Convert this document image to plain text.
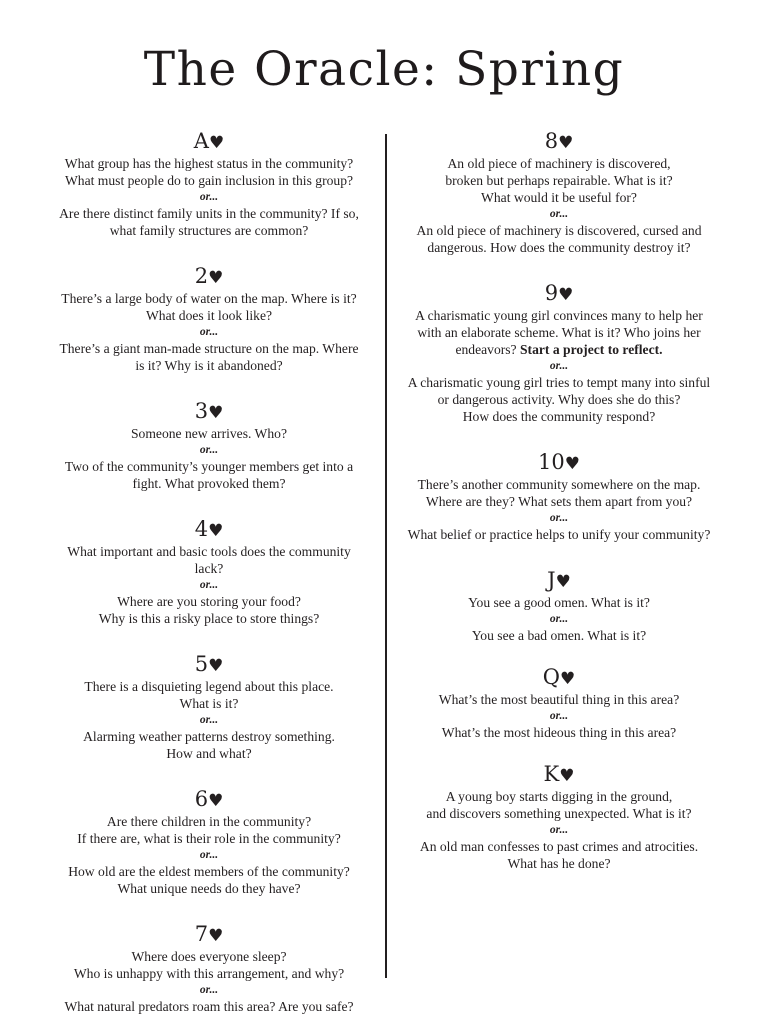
The Oracle: Spring
A♥
What group has the highest status in the community?
What must people do to gain inclusion in this group?
or...
Are there distinct family units in the community? If so,
what family structures are common?
2♥
There’s a large body of water on the map. Where is it?
What does it look like?
or...
There’s a giant man-made structure on the map. Where
is it? Why is it abandoned?
3♥
Someone new arrives. Who?
or...
Two of the community’s younger members get into a
fight. What provoked them?
4♥
What important and basic tools does the community
lack?
or...
Where are you storing your food?
Why is this a risky place to store things?
5♥
There is a disquieting legend about this place.
What is it?
or...
Alarming weather patterns destroy something.
How and what?
6♥
Are there children in the community?
If there are, what is their role in the community?
or...
How old are the eldest members of the community?
What unique needs do they have?
7♥
Where does everyone sleep?
Who is unhappy with this arrangement, and why?
or...
What natural predators roam this area? Are you safe?
8♥
An old piece of machinery is discovered,
broken but perhaps repairable. What is it?
What would it be useful for?
or...
An old piece of machinery is discovered, cursed and
dangerous. How does the community destroy it?
9♥
A charismatic young girl convinces many to help her
with an elaborate scheme. What is it? Who joins her
endeavors? Start a project to reflect.
or...
A charismatic young girl tries to tempt many into sinful
or dangerous activity. Why does she do this?
How does the community respond?
10♥
There’s another community somewhere on the map.
Where are they? What sets them apart from you?
or...
What belief or practice helps to unify your community?
J♥
You see a good omen. What is it?
or...
You see a bad omen. What is it?
Q♥
What’s the most beautiful thing in this area?
or...
What’s the most hideous thing in this area?
K♥
A young boy starts digging in the ground,
and discovers something unexpected. What is it?
or...
An old man confesses to past crimes and atrocities.
What has he done?
